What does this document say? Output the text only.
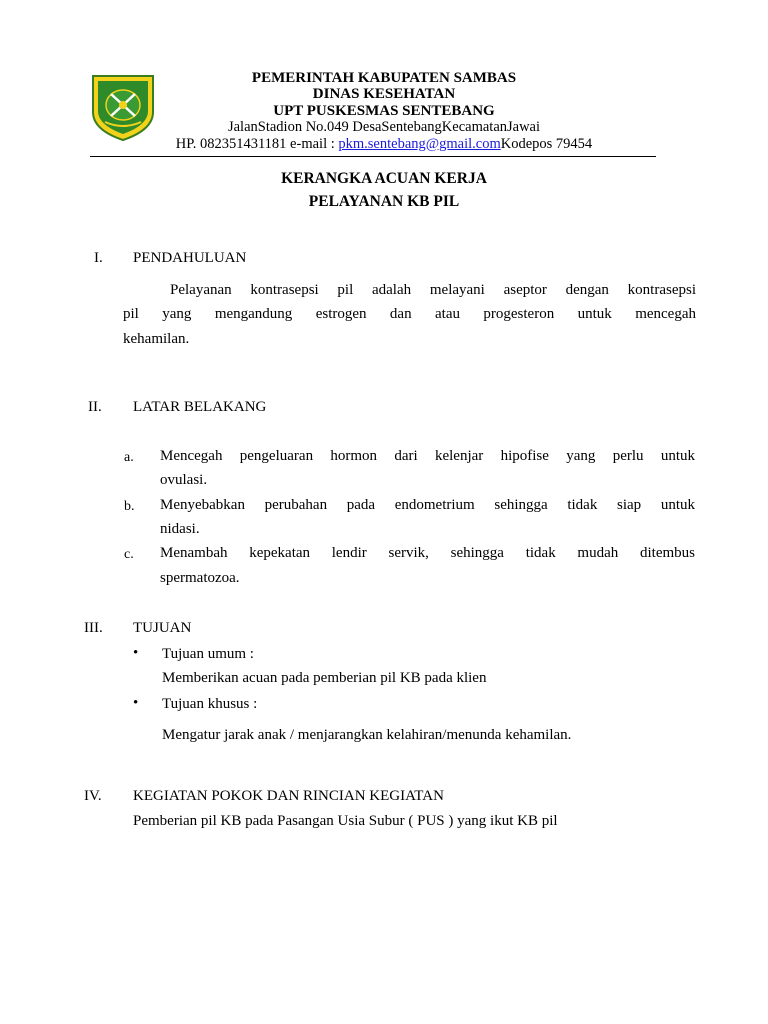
PEMERINTAH KABUPATEN SAMBAS
DINAS KESEHATAN
UPT PUSKESMAS SENTEBANG
JalanStadion No.049 DesaSentebangKecamatanJawai
HP. 082351431181 e-mail : pkm.sentebang@gmail.comKodepos 79454
KERANGKA ACUAN KERJA
PELAYANAN KB PIL
I. PENDAHULUAN
Pelayanan kontrasepsi pil adalah melayani aseptor dengan kontrasepsi
pil yang mengandung estrogen dan atau progesteron untuk mencegah
kehamilan.
II. LATAR BELAKANG
a. Mencegah pengeluaran hormon dari kelenjar hipofise yang perlu untuk
ovulasi.
b. Menyebabkan perubahan pada endometrium sehingga tidak siap untuk
nidasi.
c. Menambah kepekatan lendir servik, sehingga tidak mudah ditembus
spermatozoa.
III. TUJUAN
• Tujuan umum :
Memberikan acuan pada pemberian pil KB pada klien
• Tujuan khusus :
Mengatur jarak anak / menjarangkan kelahiran/menunda kehamilan.
IV. KEGIATAN POKOK DAN RINCIAN KEGIATAN
Pemberian pil KB pada Pasangan Usia Subur ( PUS ) yang ikut KB pil
